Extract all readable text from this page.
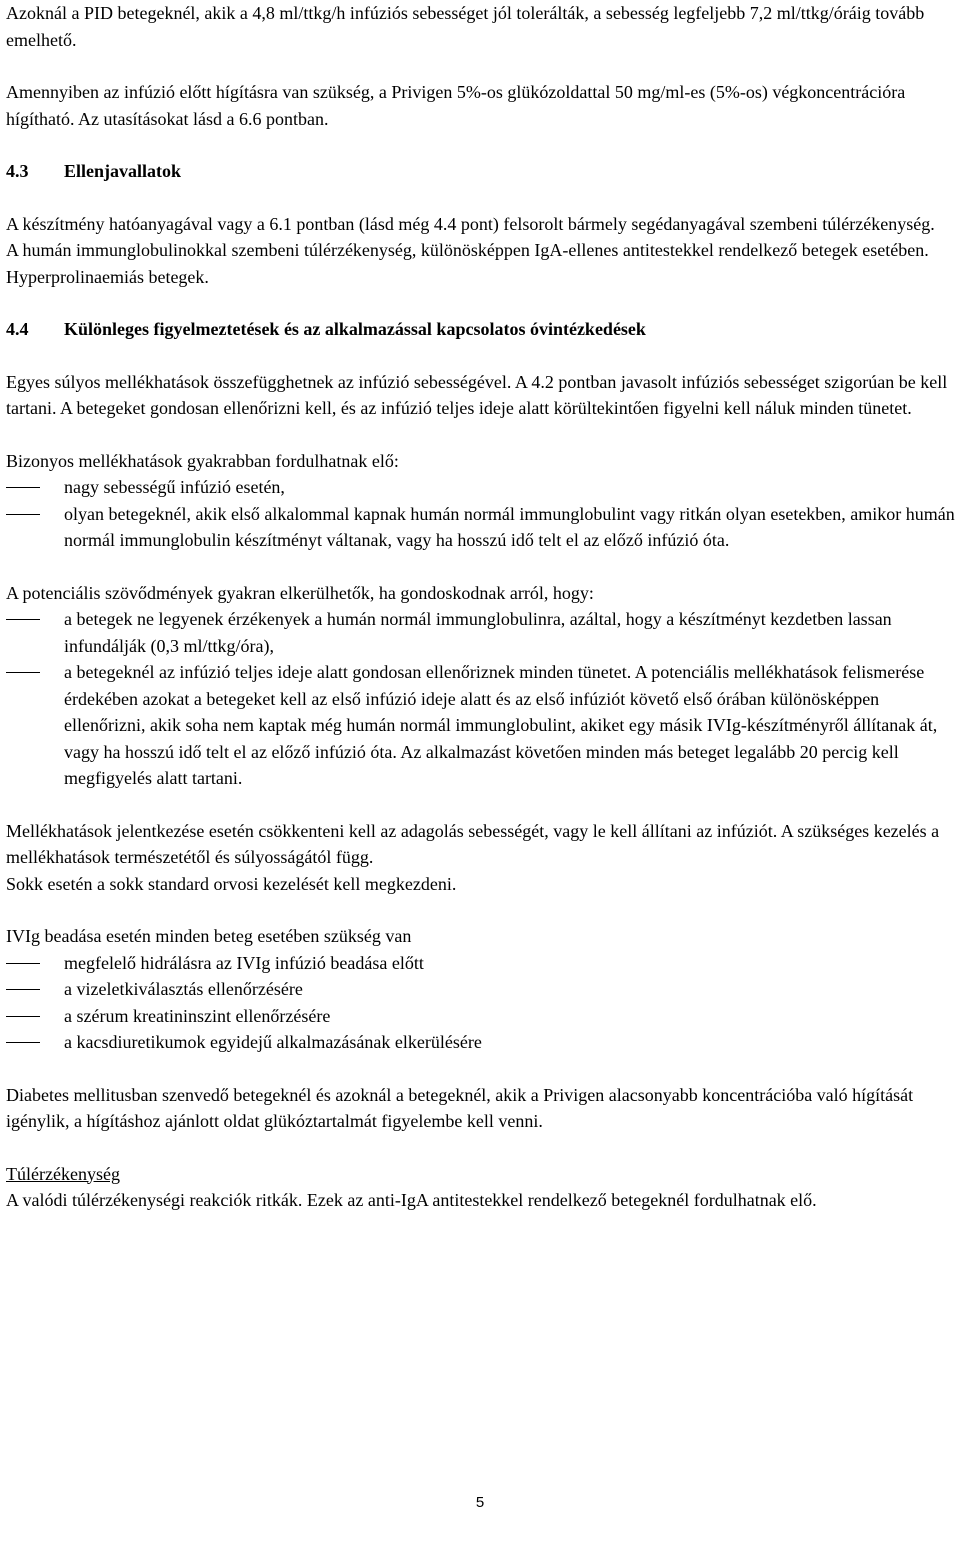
Azoknál a PID betegeknél, akik a 4,8 ml/ttkg/h infúziós sebességet jól tolerálták, a sebesség legfeljebb 7,2 ml/ttkg/óráig tovább emelhető.

Amennyiben az infúzió előtt hígításra van szükség, a Privigen 5%-os glükózoldattal 50 mg/ml-es (5%-os) végkoncentrációra hígítható. Az utasításokat lásd a 6.6 pontban.

4.3	Ellenjavallatok

A készítmény hatóanyagával vagy a 6.1 pontban (lásd még 4.4 pont) felsorolt bármely segédanyagával szembeni túlérzékenység.

A humán immunglobulinokkal szembeni túlérzékenység, különösképpen IgA-ellenes antitestekkel rendelkező betegek esetében.

Hyperprolinaemiás betegek.

4.4	Különleges figyelmeztetések és az alkalmazással kapcsolatos óvintézkedések

Egyes súlyos mellékhatások összefügghetnek az infúzió sebességével. A 4.2 pontban javasolt infúziós sebességet szigorúan be kell tartani. A betegeket gondosan ellenőrizni kell, és az infúzió teljes ideje alatt körültekintően figyelni kell náluk minden tünetet.

Bizonyos mellékhatások gyakrabban fordulhatnak elő:

nagy sebességű infúzió esetén,
olyan betegeknél, akik első alkalommal kapnak humán normál immunglobulint vagy ritkán olyan esetekben, amikor humán normál immunglobulin készítményt váltanak, vagy ha hosszú idő telt el az előző infúzió óta.

A potenciális szövődmények gyakran elkerülhetők, ha gondoskodnak arról, hogy:

a betegek ne legyenek érzékenyek a humán normál immunglobulinra, azáltal, hogy a készítményt kezdetben lassan infundálják (0,3 ml/ttkg/óra),
a betegeknél az infúzió teljes ideje alatt gondosan ellenőriznek minden tünetet. A potenciális mellékhatások felismerése érdekében azokat a betegeket kell az első infúzió ideje alatt és az első infúziót követő első órában különösképpen ellenőrizni, akik soha nem kaptak még humán normál immunglobulint, akiket egy másik IVIg-készítményről állítanak át, vagy ha hosszú idő telt el az előző infúzió óta. Az alkalmazást követően minden más beteget legalább 20 percig kell megfigyelés alatt tartani.

Mellékhatások jelentkezése esetén csökkenteni kell az adagolás sebességét, vagy le kell állítani az infúziót. A szükséges kezelés a mellékhatások természetétől és súlyosságától függ.

Sokk esetén a sokk standard orvosi kezelését kell megkezdeni.

IVIg beadása esetén minden beteg esetében szükség van

megfelelő hidrálásra az IVIg infúzió beadása előtt
a vizeletkiválasztás ellenőrzésére
a szérum kreatininszint ellenőrzésére
a kacsdiuretikumok egyidejű alkalmazásának elkerülésére

Diabetes mellitusban szenvedő betegeknél és azoknál a betegeknél, akik a Privigen alacsonyabb koncentrációba való hígítását igénylik, a hígításhoz ajánlott oldat glükóztartalmát figyelembe kell venni.

Túlérzékenység

A valódi túlérzékenységi reakciók ritkák. Ezek az anti-IgA antitestekkel rendelkező betegeknél fordulhatnak elő.

5
